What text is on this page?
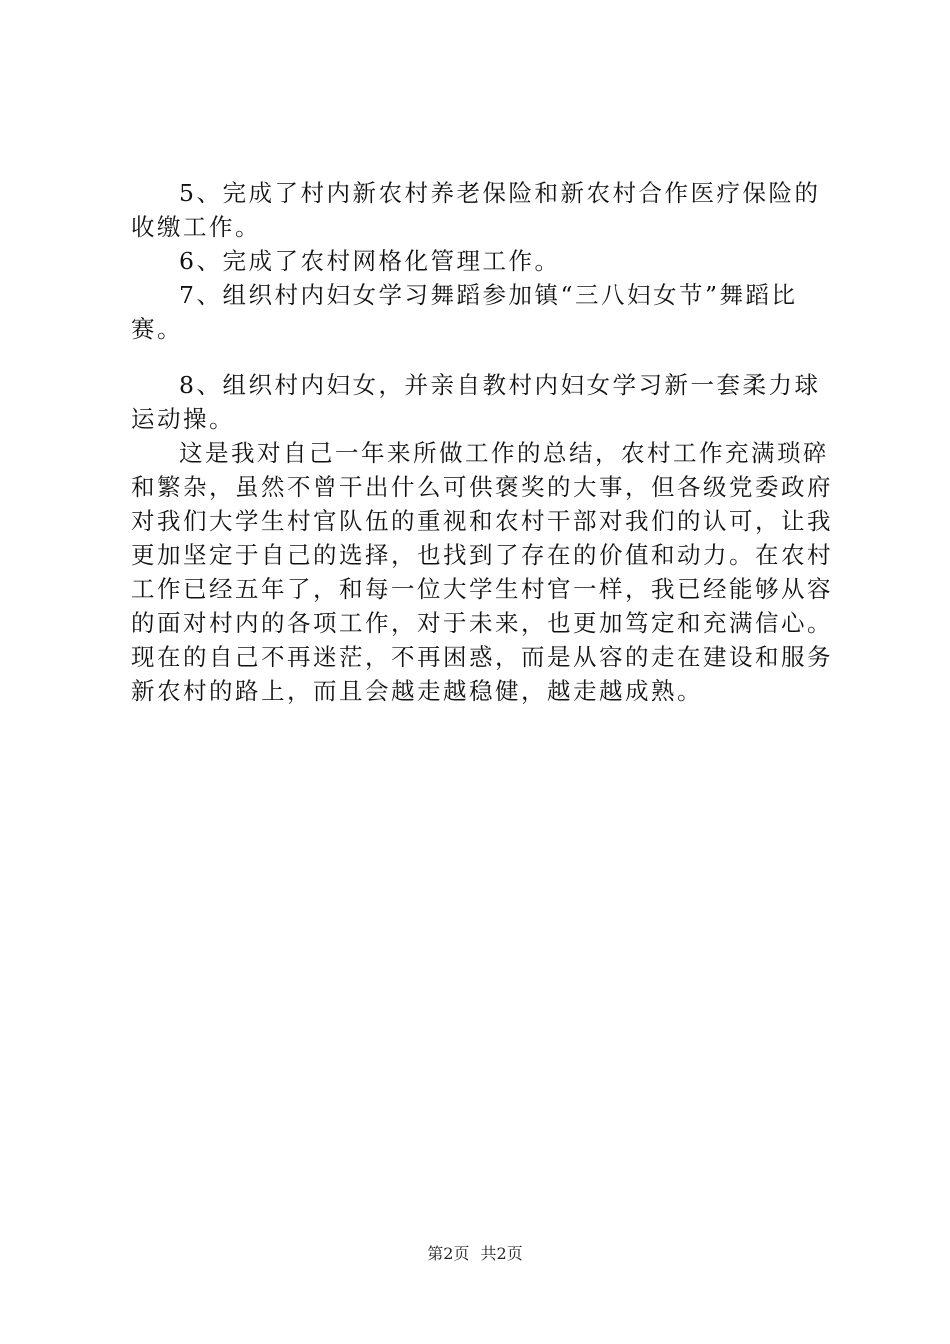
5、完成了村内新农村养老保险和新农村合作医疗保险的收缴工作。

6、完成了农村网格化管理工作。

7、组织村内妇女学习舞蹈参加镇“三八妇女节”舞蹈比赛。

8、组织村内妇女，并亲自教村内妇女学习新一套柔力球运动操。

这是我对自己一年来所做工作的总结，农村工作充满琐碎和繁杂，虽然不曾干出什么可供褒奖的大事，但各级党委政府对我们大学生村官队伍的重视和农村干部对我们的认可，让我更加坚定于自己的选择，也找到了存在的价值和动力。在农村工作已经五年了，和每一位大学生村官一样，我已经能够从容的面对村内的各项工作，对于未来，也更加笃定和充满信心。现在的自己不再迷茫，不再困惑，而是从容的走在建设和服务新农村的路上，而且会越走越稳健，越走越成熟。

第2页 共2页
